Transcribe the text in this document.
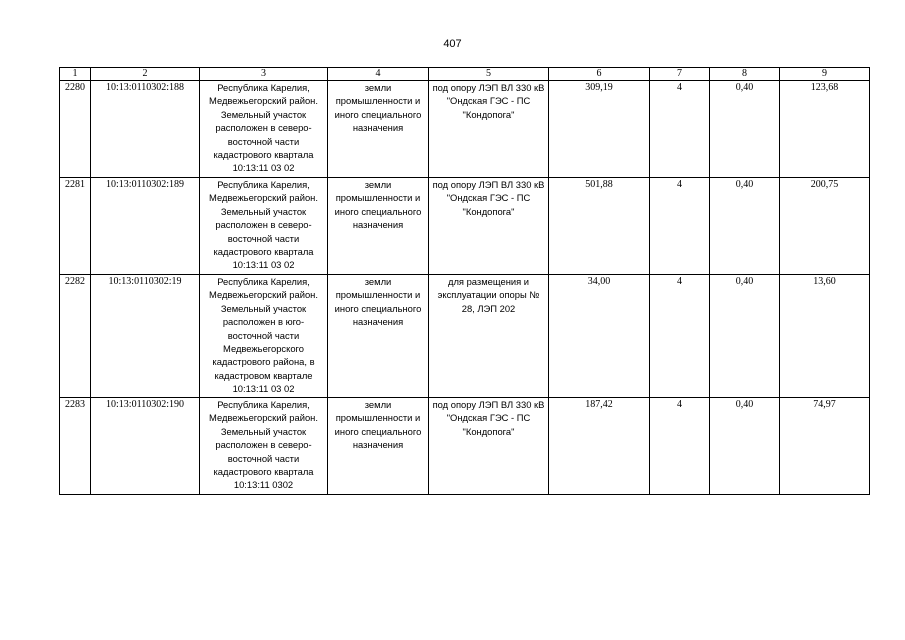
407
1	2	3	4	5	6	7	8	9
2280	10:13:0110302:188	Республика Карелия, Медвежьегорский район. Земельный участок расположен в северо-восточной части кадастрового квартала 10:13:11 03 02	земли промышленности и иного специального назначения	под опору ЛЭП ВЛ 330 кВ "Ондская ГЭС - ПС "Кондопога"	309,19	4	0,40	123,68
2281	10:13:0110302:189	Республика Карелия, Медвежьегорский район. Земельный участок расположен в северо-восточной части кадастрового квартала 10:13:11 03 02	земли промышленности и иного специального назначения	под опору ЛЭП ВЛ 330 кВ "Ондская ГЭС - ПС "Кондопога"	501,88	4	0,40	200,75
2282	10:13:0110302:19	Республика Карелия, Медвежьегорский район. Земельный участок расположен в юго-восточной части Медвежьегорского кадастрового района, в кадастровом квартале 10:13:11 03 02	земли промышленности и иного специального назначения	для размещения и эксплуатации опоры № 28, ЛЭП 202	34,00	4	0,40	13,60
2283	10:13:0110302:190	Республика Карелия, Медвежьегорский район. Земельный участок расположен в северо-восточной части кадастрового квартала 10:13:11 0302	земли промышленности и иного специального назначения	под опору ЛЭП ВЛ 330 кВ "Ондская ГЭС - ПС "Кондопога"	187,42	4	0,40	74,97
